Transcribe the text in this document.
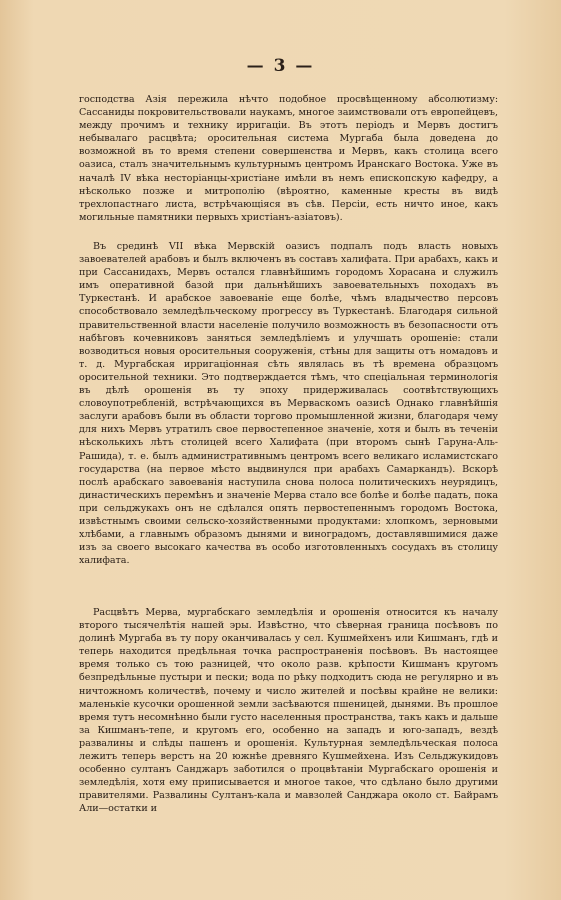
— 3 —

господства Азія пережила нѣчто подобное просвѣщенному абсолютизму: Сассаниды покровительствовали наукамъ, многое заимствовали отъ европейцевъ, между прочимъ и технику ирригаціи. Въ этотъ періодъ и Мервъ достигъ небывалаго расцвѣта; оросительная система Мургаба была доведена до возможной въ то время степени совершенства и Мервъ, какъ столица всего оазиса, сталъ значительнымъ культурнымъ центромъ Иранскаго Востока. Уже въ началѣ IV вѣка несторіанцы-христіане имѣли въ немъ епископскую кафедру, а нѣсколько позже и митрополію (вѣроятно, каменные кресты въ видѣ трехлопастнаго листа, встрѣчающіяся въ сѣв. Персіи, есть ничто иное, какъ могильные памятники первыхъ христіанъ-азіатовъ).

Въ срединѣ VII вѣка Мервскій оазисъ подпалъ подъ власть новыхъ завоевателей арабовъ и былъ включенъ въ составъ халифата. При арабахъ, какъ и при Сассанидахъ, Мервъ остался главнѣйшимъ городомъ Хорасана и служилъ имъ оперативной базой при дальнѣйшихъ завоевательныхъ походахъ въ Туркестанѣ. И арабское завоеваніе еще болѣе, чѣмъ владычество персовъ способствовало земледѣльческому прогрессу въ Туркестанѣ. Благодаря сильной правительственной власти населеніе получило возможность въ безопасности отъ набѣговъ кочевниковъ заняться земледѣліемъ и улучшать орошеніе: стали возводиться новыя оросительныя сооруженія, стѣны для защиты отъ номадовъ и т. д. Мургабская ирригаціонная сѣть являлась въ тѣ времена образцомъ оросительной техники. Это подтверждается тѣмъ, что спеціальная терминологія въ дѣлѣ орошенія въ ту эпоху придерживалась соотвѣтствующихъ словоупотребленій, встрѣчающихся въ Мерваскомъ оазисѣ Однако главнѣйшія заслуги арабовъ были въ области торгово промышленной жизни, благодаря чему для нихъ Мервъ утратилъ свое первостепенное значеніе, хотя и былъ въ теченіи нѣсколькихъ лѣтъ столицей всего Халифата (при второмъ сынѣ Гаруна-Аль-Рашида), т. е. былъ административнымъ центромъ всего великаго исламистскаго государства (на первое мѣсто выдвинулся при арабахъ Самаркандъ). Вскорѣ послѣ арабскаго завоеванія наступила снова полоса политическихъ неурядицъ, династическихъ перемѣнъ и значеніе Мерва стало все болѣе и болѣе падать, пока при сельджукахъ онъ не сдѣлался опять первостепеннымъ городомъ Востока, извѣстнымъ своими сельско-хозяйственными продуктами: хлопкомъ, зерновыми хлѣбами, а главнымъ образомъ дынями и виноградомъ, доставлявшимися даже изъ за своего высокаго качества въ особо изготовленныхъ сосудахъ въ столицу халифата.

Расцвѣтъ Мерва, мургабскаго земледѣлія и орошенія относится къ началу второго тысячелѣтія нашей эры. Извѣстно, что сѣверная граница посѣвовъ по долинѣ Мургаба въ ту пору оканчивалась у сел. Кушмейхенъ или Кишманъ, гдѣ и теперь находится предѣльная точка распространенія посѣвовъ. Въ настоящее время только съ тою разницей, что около разв. крѣпости Кишманъ кругомъ безпредѣльные пустыри и пески; вода по рѣку подходитъ сюда не регулярно и въ ничтожномъ количествѣ, почему и число жителей и посѣвы крайне не велики: маленькіе кусочки орошенной земли засѣваются пшеницей, дынями. Въ прошлое время тутъ несомнѣнно были густо населенныя пространства, такъ какъ и дальше за Кишманъ-тепе, и кругомъ его, особенно на западъ и юго-западъ, вездѣ развалины и слѣды пашенъ и орошенія. Культурная земледѣльческая полоса лежитъ теперь верстъ на 20 южнѣе древняго Кушмейхена. Изъ Сельджукидовъ особенно султанъ Санджаръ заботился о процвѣтаніи Мургабскаго орошенія и земледѣлія, хотя ему приписывается и многое такое, что сдѣлано было другими правителями. Развалины Султанъ-кала и мавзолей Санджара около ст. Байрамъ Али—остатки и
